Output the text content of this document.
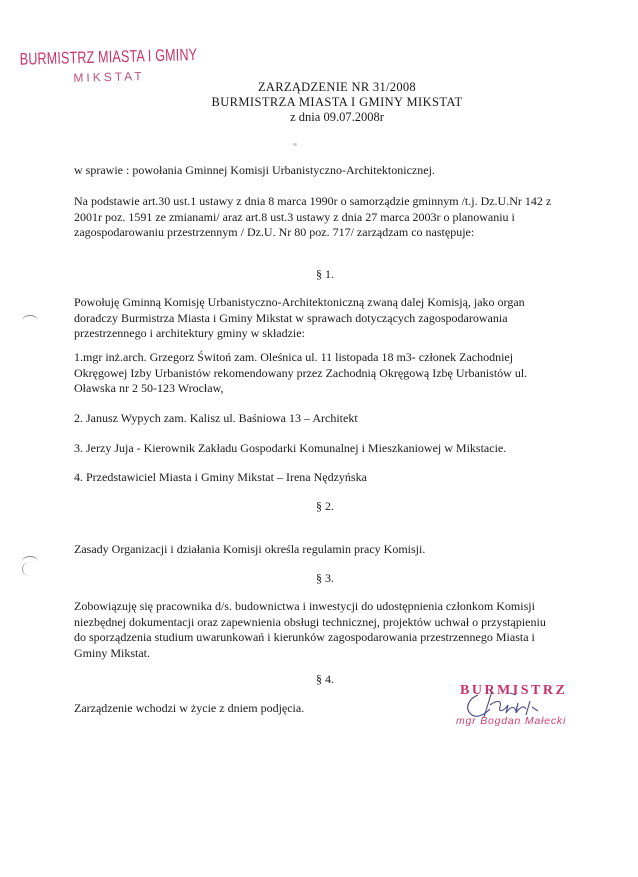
BURMISTRZ MIASTA I GMINY
MIKSTAT
ZARZĄDZENIE NR 31/2008
BURMISTRZA MIASTA I GMINY MIKSTAT
z dnia 09.07.2008r
w sprawie : powołania Gminnej Komisji Urbanistyczno-Architektonicznej.
Na podstawie art.30 ust.1 ustawy z dnia 8 marca 1990r o samorządzie gminnym /t.j. Dz.U.Nr 142 z 2001r poz. 1591 ze zmianami/ araz art.8 ust.3 ustawy z dnia 27 marca 2003r o planowaniu i zagospodarowaniu przestrzennym / Dz.U. Nr 80 poz. 717/ zarządzam co następuje:
§ 1.
Powołuję Gminną Komisję Urbanistyczno-Architektoniczną zwaną dalej Komisją, jako organ doradczy Burmistrza Miasta i Gminy Mikstat w sprawach dotyczących zagospodarowania przestrzennego i architektury gminy w składzie:
1.mgr inż.arch. Grzegorz Świtoń zam. Oleśnica ul. 11 listopada 18 m3- członek Zachodniej Okręgowej Izby Urbanistów rekomendowany przez Zachodnią Okręgową Izbę Urbanistów ul. Oławska nr 2 50-123 Wrocław,
2. Janusz Wypych zam. Kalisz ul. Baśniowa 13 – Architekt
3. Jerzy Juja - Kierownik Zakładu Gospodarki Komunalnej i Mieszkaniowej w Mikstacie.
4. Przedstawiciel Miasta i Gminy Mikstat – Irena Nędzyńska
§ 2.
Zasady Organizacji i działania Komisji określa regulamin pracy Komisji.
§ 3.
Zobowiązuję się pracownika d/s. budownictwa i inwestycji do udostępnienia członkom Komisji niezbędnej dokumentacji oraz zapewnienia obsługi technicznej, projektów uchwał o przystąpieniu do sporządzenia studium uwarunkowań i kierunków zagospodarowania przestrzennego Miasta i Gminy Mikstat.
§ 4.
Zarządzenie wchodzi w życie z dniem podjęcia.
BURMISTRZ
mgr Bogdan Małecki
